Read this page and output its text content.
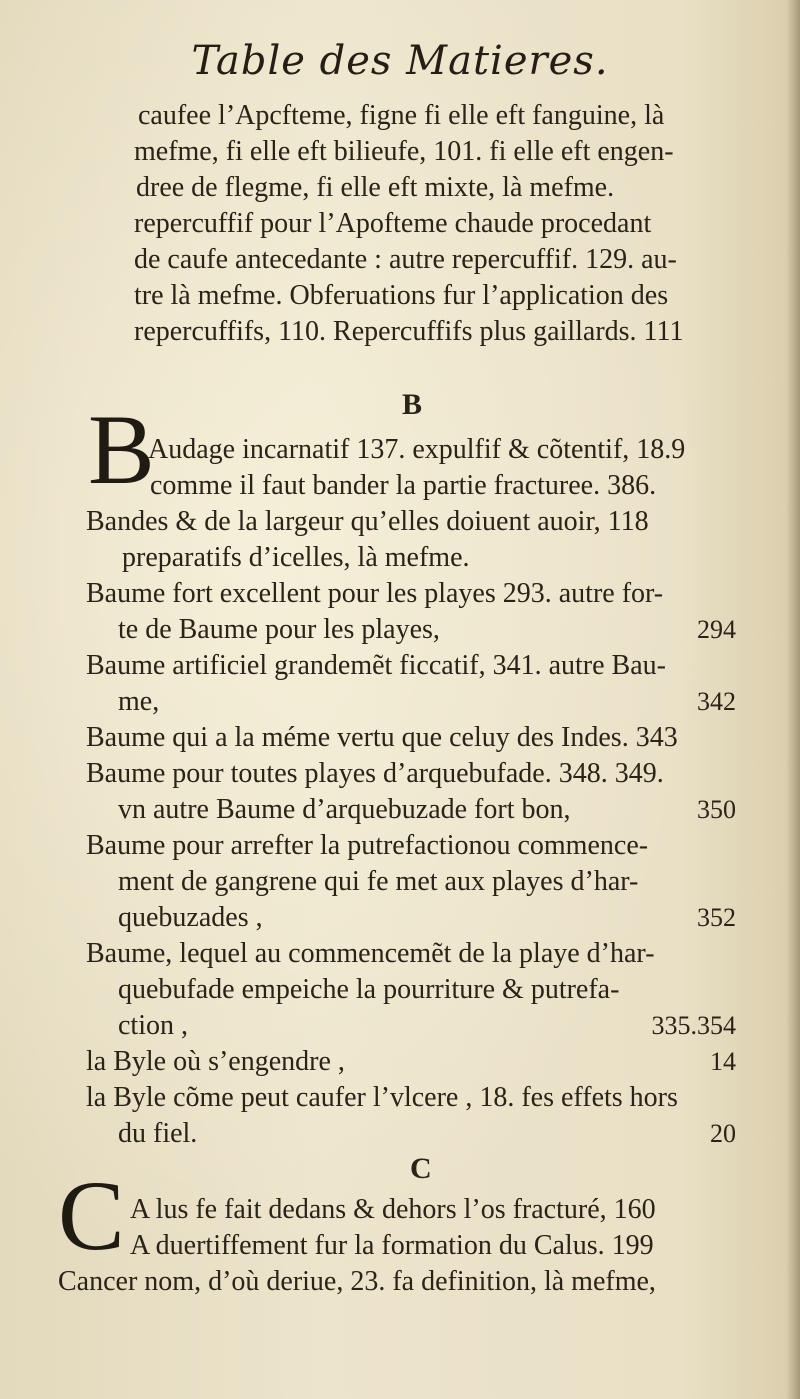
Table des Matieres.
caufee l’Apcfteme, figne fi elle eft fanguine, là
mefme, fi elle eft bilieufe, 101. fi elle eft engen-
dree de flegme, fi elle eft mixte, là mefme.
repercuffif pour l’Apofteme chaude procedant
de caufe antecedante : autre repercuffif. 129. au-
tre là mefme. Obferuations fur l’application des
repercuffifs, 110. Repercuffifs plus gaillards. 111
B
B
Audage incarnatif 137. expulfif & cõtentif, 18.9
comme il faut bander la partie fracturee. 386.
Bandes & de la largeur qu’elles doiuent auoir, 118
preparatifs d’icelles, là mefme.
Baume fort excellent pour les playes 293. autre for-
te de Baume pour les playes,	294
Baume artificiel grandemẽt ficcatif, 341. autre Bau-
me,	342
Baume qui a la méme vertu que celuy des Indes. 343
Baume pour toutes playes d’arquebufade. 348. 349.
vn autre Baume d’arquebuzade fort bon,	350
Baume pour arrefter la putrefactionou commence-
ment de gangrene qui fe met aux playes d’har-
quebuzades ,	352
Baume, lequel au commencemẽt de la playe d’har-
quebufade empeiche la pourriture & putrefa-
ction ,	335.354
la Byle où s’engendre ,	14
la Byle cõme peut caufer l’vlcere , 18. fes effets hors
du fiel.	20
C
C A lus fe fait dedans & dehors l’os fracturé, 160
A duertiffement fur la formation du Calus. 199
Cancer nom, d’où deriue, 23. fa definition, là mefme,
